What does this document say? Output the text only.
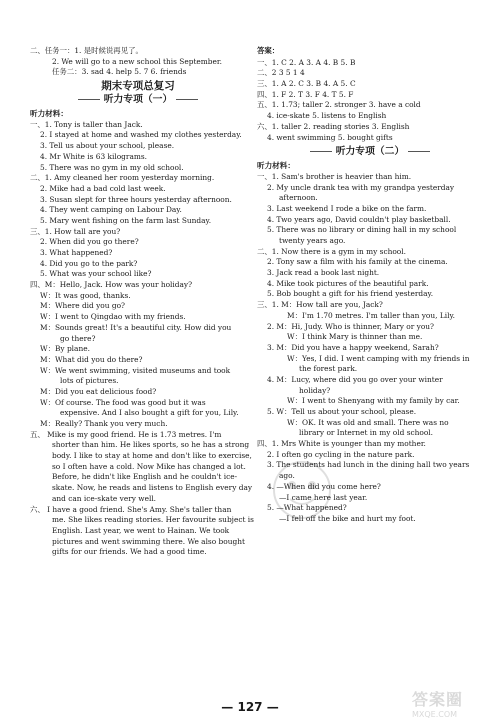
二、任务一：1. 是时候说再见了。
2. We will go to a new school this September.
任务二：3. sad 4. help 5. 7 6. friends
期末专项总复习
听力专项（一）
听力材料：
一、1. Tony is taller than Jack.
2. I stayed at home and washed my clothes yesterday.
3. Tell us about your school, please.
4. Mr White is 63 kilograms.
5. There was no gym in my old school.
二、1. Amy cleaned her room yesterday morning.
2. Mike had a bad cold last week.
3. Susan slept for three hours yesterday afternoon.
4. They went camping on Labour Day.
5. Mary went fishing on the farm last Sunday.
三、1. How tall are you?
2. When did you go there?
3. What happened?
4. Did you go to the park?
5. What was your school like?
四、M：Hello, Jack. How was your holiday?
W：It was good, thanks.
M：Where did you go?
W：I went to Qingdao with my friends.
M：Sounds great! It's a beautiful city. How did you
go there?
W：By plane.
M：What did you do there?
W：We went swimming, visited museums and took
lots of pictures.
M：Did you eat delicious food?
W：Of course. The food was good but it was
expensive. And I also bought a gift for you, Lily.
M：Really? Thank you very much.
五、 Mike is my good friend. He is 1.73 metres. I'm
shorter than him. He likes sports, so he has a strong
body. I like to stay at home and don't like to exercise,
so I often have a cold. Now Mike has changed a lot.
Before, he didn't like English and he couldn't ice-
skate. Now, he reads and listens to English every day
and can ice-skate very well.
六、 I have a good friend. She's Amy. She's taller than
me. She likes reading stories. Her favourite subject is
English. Last year, we went to Hainan. We took
pictures and went swimming there. We also bought
gifts for our friends. We had a good time.
答案：
一、1. C 2. A 3. A 4. B 5. B
二、2 3 5 1 4
三、1. A 2. C 3. B 4. A 5. C
四、1. F 2. T 3. F 4. T 5. F
五、1. 1.73; taller 2. stronger 3. have a cold
4. ice-skate 5. listens to English
六、1. taller 2. reading stories 3. English
4. went swimming 5. bought gifts
听力专项（二）
听力材料：
一、1. Sam's brother is heavier than him.
2. My uncle drank tea with my grandpa yesterday
afternoon.
3. Last weekend I rode a bike on the farm.
4. Two years ago, David couldn't play basketball.
5. There was no library or dining hall in my school
twenty years ago.
二、1. Now there is a gym in my school.
2. Tony saw a film with his family at the cinema.
3. Jack read a book last night.
4. Mike took pictures of the beautiful park.
5. Bob bought a gift for his friend yesterday.
三、1. M：How tall are you, Jack?
M：I'm 1.70 metres. I'm taller than you, Lily.
2. M：Hi, Judy. Who is thinner, Mary or you?
W：I think Mary is thinner than me.
3. M：Did you have a happy weekend, Sarah?
W：Yes, I did. I went camping with my friends in
the forest park.
4. M：Lucy, where did you go over your winter
holiday?
W：I went to Shenyang with my family by car.
5. W：Tell us about your school, please.
W：OK. It was old and small. There was no
library or Internet in my old school.
四、1. Mrs White is younger than my mother.
2. I often go cycling in the nature park.
3. The students had lunch in the dining hall two years
ago.
4. —When did you come here?
—I came here last year.
5. —What happened?
—I fell off the bike and hurt my foot.
— 127 —	答案圈
MXQE.COM
